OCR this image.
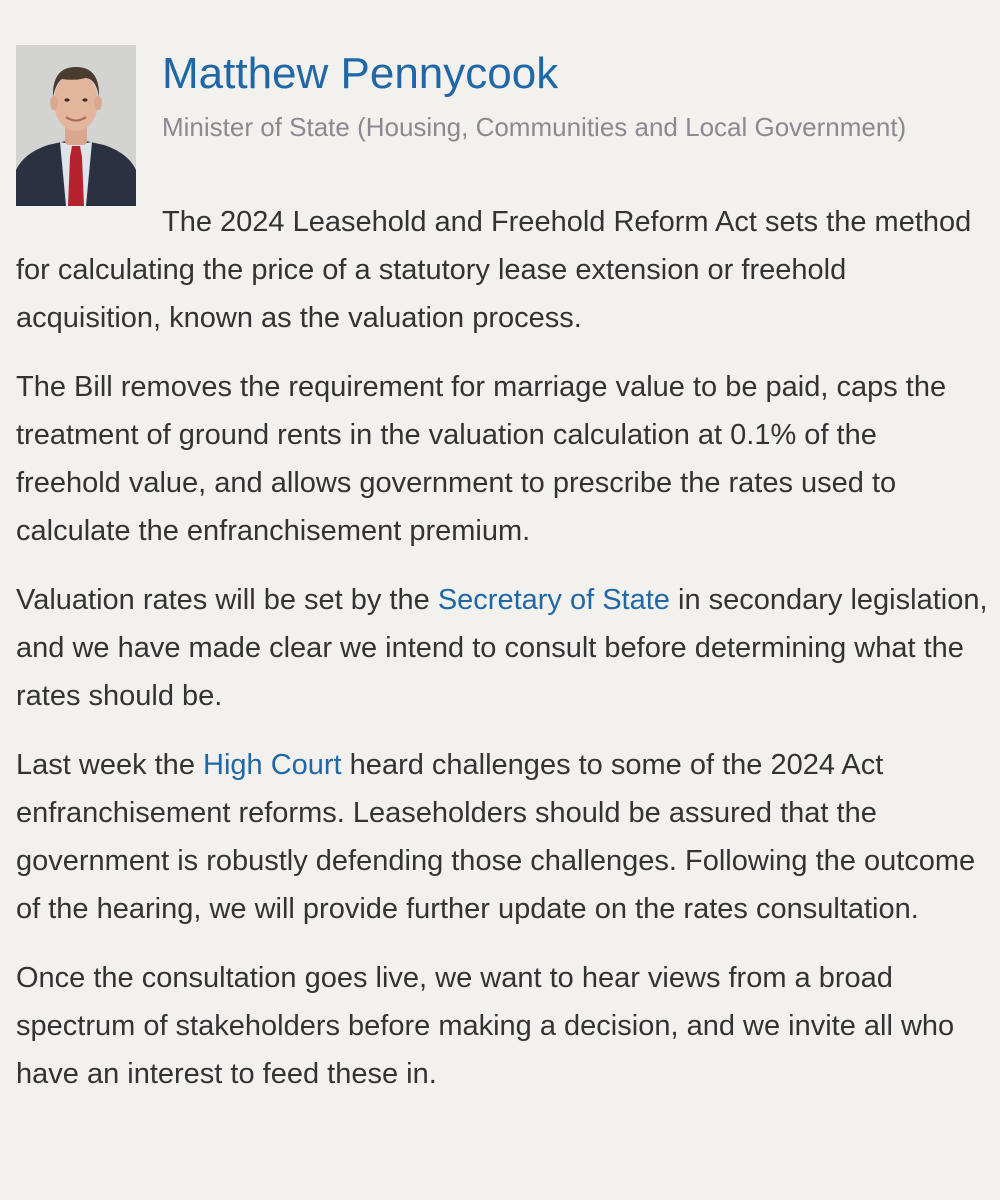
Matthew Pennycook
Minister of State (Housing, Communities and Local Government)

The 2024 Leasehold and Freehold Reform Act sets the method for calculating the price of a statutory lease extension or freehold acquisition, known as the valuation process.

The Bill removes the requirement for marriage value to be paid, caps the treatment of ground rents in the valuation calculation at 0.1% of the freehold value, and allows government to prescribe the rates used to calculate the enfranchisement premium.

Valuation rates will be set by the Secretary of State in secondary legislation, and we have made clear we intend to consult before determining what the rates should be.

Last week the High Court heard challenges to some of the 2024 Act enfranchisement reforms. Leaseholders should be assured that the government is robustly defending those challenges. Following the outcome of the hearing, we will provide further update on the rates consultation.

Once the consultation goes live, we want to hear views from a broad spectrum of stakeholders before making a decision, and we invite all who have an interest to feed these in.
